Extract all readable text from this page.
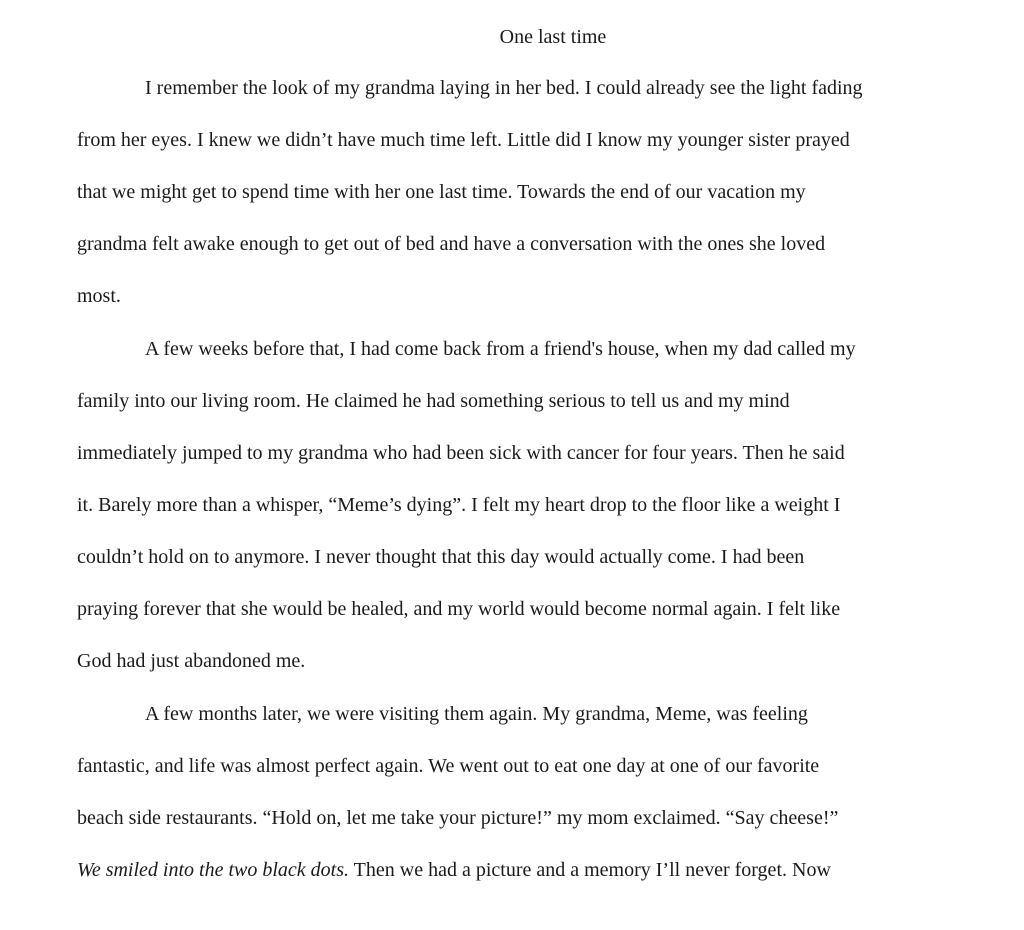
One last time
I remember the look of my grandma laying in her bed. I could already see the light fading
from her eyes. I knew we didn’t have much time left. Little did I know my younger sister prayed
that we might get to spend time with her one last time. Towards the end of our vacation my
grandma felt awake enough to get out of bed and have a conversation with the ones she loved
most.
A few weeks before that, I had come back from a friend's house, when my dad called my
family into our living room. He claimed he had something serious to tell us and my mind
immediately jumped to my grandma who had been sick with cancer for four years. Then he said
it. Barely more than a whisper, “Meme’s dying”. I felt my heart drop to the floor like a weight I
couldn’t hold on to anymore. I never thought that this day would actually come. I had been
praying forever that she would be healed, and my world would become normal again. I felt like
God had just abandoned me.
A few months later, we were visiting them again. My grandma, Meme, was feeling
fantastic, and life was almost perfect again. We went out to eat one day at one of our favorite
beach side restaurants. “Hold on, let me take your picture!” my mom exclaimed. “Say cheese!”
We smiled into the two black dots. Then we had a picture and a memory I’ll never forget. Now
